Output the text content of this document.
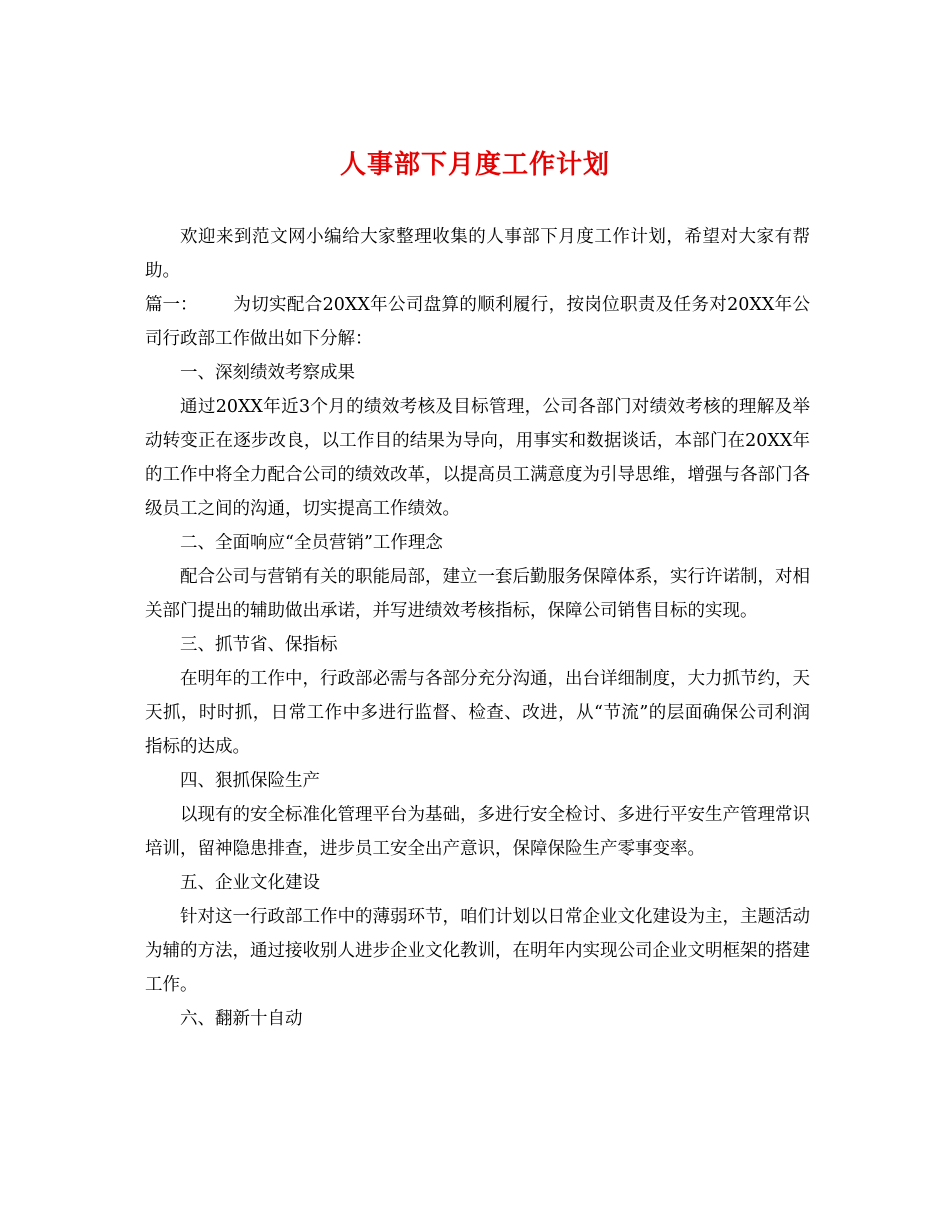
人事部下月度工作计划

欢迎来到范文网小编给大家整理收集的人事部下月度工作计划，希望对大家有帮助。

篇一： 为切实配合20XX年公司盘算的顺利履行，按岗位职责及任务对20XX年公司行政部工作做出如下分解：

一、深刻绩效考察成果

通过20XX年近3个月的绩效考核及目标管理，公司各部门对绩效考核的理解及举动转变正在逐步改良，以工作目的结果为导向，用事实和数据谈话，本部门在20XX年的工作中将全力配合公司的绩效改革，以提高员工满意度为引导思维，增强与各部门各级员工之间的沟通，切实提高工作绩效。

二、全面响应“全员营销”工作理念

配合公司与营销有关的职能局部，建立一套后勤服务保障体系，实行许诺制，对相关部门提出的辅助做出承诺，并写进绩效考核指标，保障公司销售目标的实现。

三、抓节省、保指标

在明年的工作中，行政部必需与各部分充分沟通，出台详细制度，大力抓节约，天天抓，时时抓，日常工作中多进行监督、检查、改进，从“节流”的层面确保公司利润指标的达成。

四、狠抓保险生产

以现有的安全标准化管理平台为基础，多进行安全检讨、多进行平安生产管理常识培训，留神隐患排查，进步员工安全出产意识，保障保险生产零事变率。

五、企业文化建设

针对这一行政部工作中的薄弱环节，咱们计划以日常企业文化建设为主，主题活动为辅的方法，通过接收别人进步企业文化教训，在明年内实现公司企业文明框架的搭建工作。

六、翻新十自动
